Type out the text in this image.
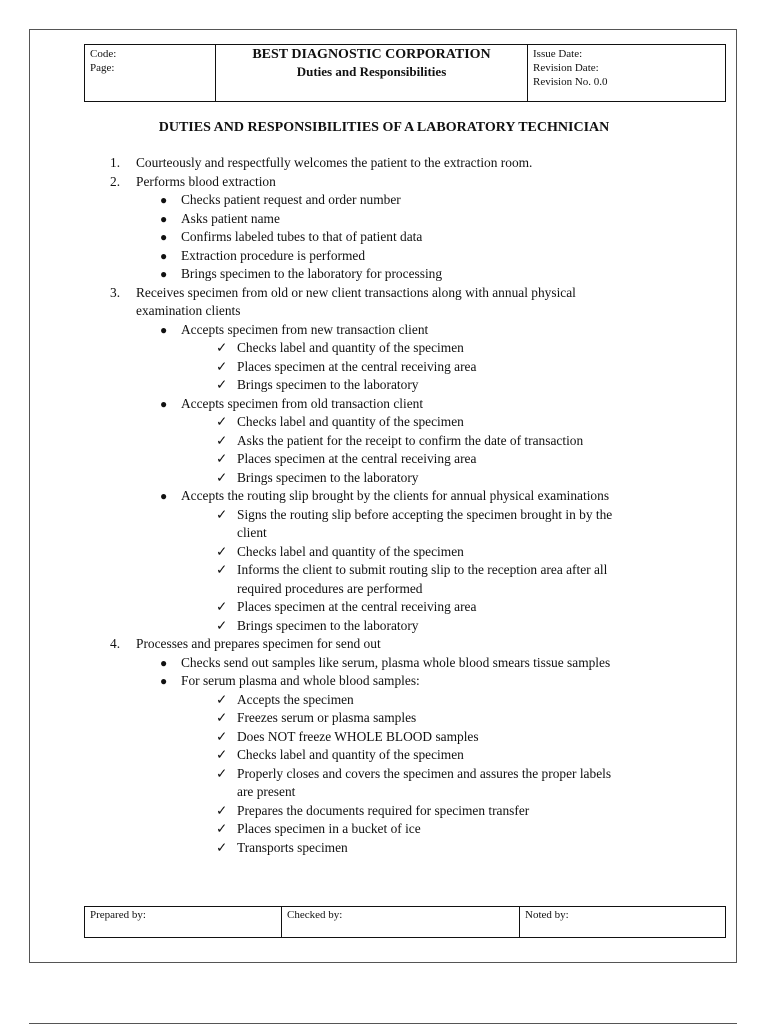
Code:
Page:

BEST DIAGNOSTIC CORPORATION
Duties and Responsibilities

Issue Date:
Revision Date:
Revision No. 0.0
DUTIES AND RESPONSIBILITIES OF A LABORATORY TECHNICIAN
1. Courteously and respectfully welcomes the patient to the extraction room.
2. Performs blood extraction
● Checks patient request and order number
● Asks patient name
● Confirms labeled tubes to that of patient data
● Extraction procedure is performed
● Brings specimen to the laboratory for processing
3. Receives specimen from old or new client transactions along with annual physical
examination clients
● Accepts specimen from new transaction client
✓ Checks label and quantity of the specimen
✓ Places specimen at the central receiving area
✓ Brings specimen to the laboratory
● Accepts specimen from old transaction client
✓ Checks label and quantity of the specimen
✓ Asks the patient for the receipt to confirm the date of transaction
✓ Places specimen at the central receiving area
✓ Brings specimen to the laboratory
● Accepts the routing slip brought by the clients for annual physical examinations
✓ Signs the routing slip before accepting the specimen brought in by the
client
✓ Checks label and quantity of the specimen
✓ Informs the client to submit routing slip to the reception area after all
required procedures are performed
✓ Places specimen at the central receiving area
✓ Brings specimen to the laboratory
4. Processes and prepares specimen for send out
● Checks send out samples like serum, plasma whole blood smears tissue samples
● For serum plasma and whole blood samples:
✓ Accepts the specimen
✓ Freezes serum or plasma samples
✓ Does NOT freeze WHOLE BLOOD samples
✓ Checks label and quantity of the specimen
✓ Properly closes and covers the specimen and assures the proper labels
are present
✓ Prepares the documents required for specimen transfer
✓ Places specimen in a bucket of ice
✓ Transports specimen
Prepared by:	Checked by:	Noted by:
